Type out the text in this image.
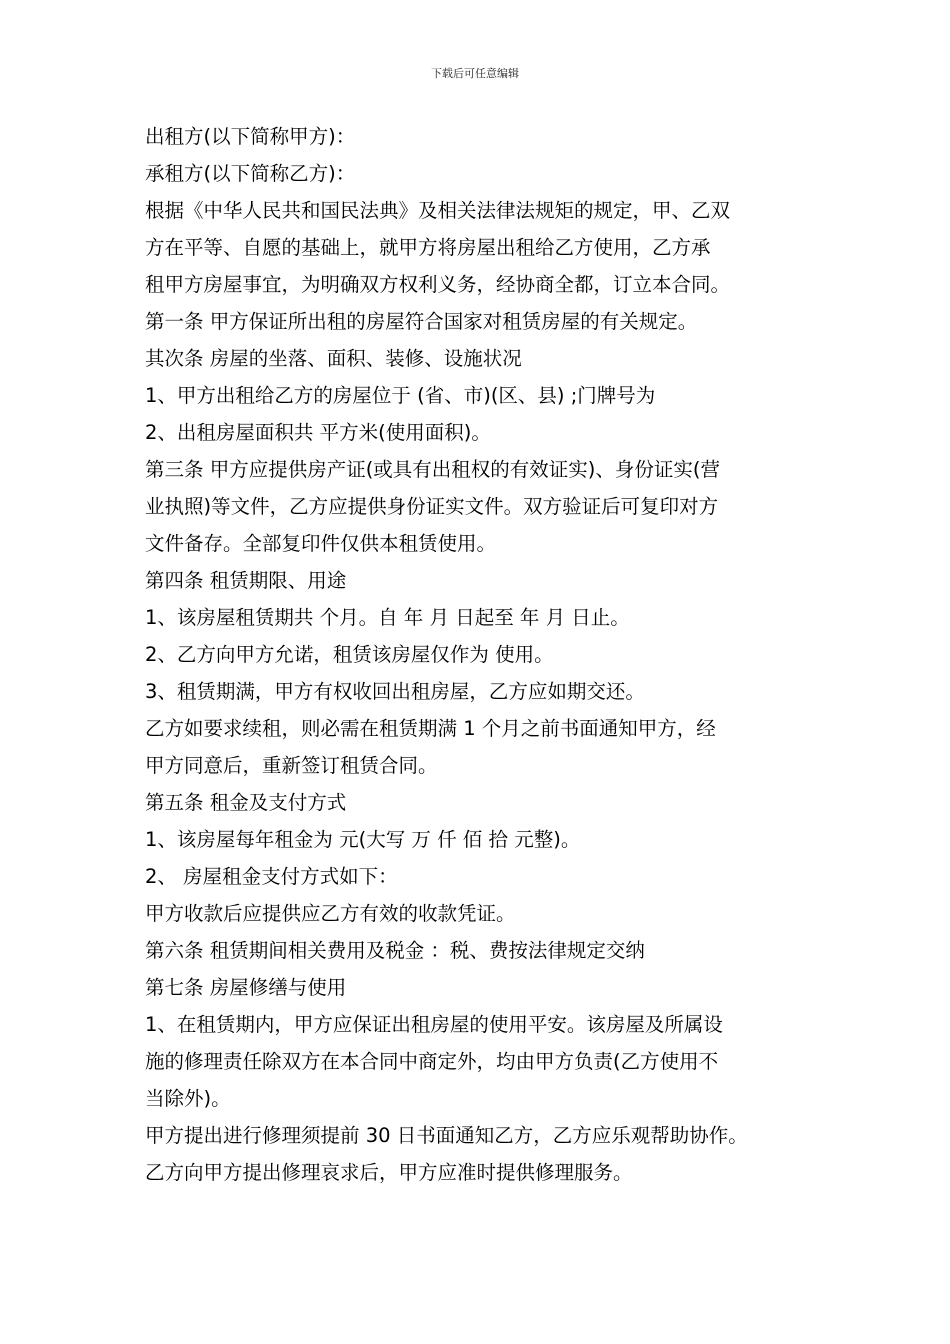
下载后可任意编辑

出租方(以下简称甲方)：

承租方(以下简称乙方)：

根据《中华人民共和国民法典》及相关法律法规矩的规定，甲、乙双

方在平等、自愿的基础上，就甲方将房屋出租给乙方使用，乙方承

租甲方房屋事宜，为明确双方权利义务，经协商全都，订立本合同。

第一条 甲方保证所出租的房屋符合国家对租赁房屋的有关规定。

其次条 房屋的坐落、面积、装修、设施状况

1、甲方出租给乙方的房屋位于 (省、市)(区、县) ;门牌号为

2、出租房屋面积共 平方米(使用面积)。

第三条 甲方应提供房产证(或具有出租权的有效证实)、身份证实(营

业执照)等文件，乙方应提供身份证实文件。双方验证后可复印对方

文件备存。全部复印件仅供本租赁使用。

第四条 租赁期限、用途

1、该房屋租赁期共 个月。自 年 月 日起至 年 月 日止。

2、乙方向甲方允诺，租赁该房屋仅作为 使用。

3、租赁期满，甲方有权收回出租房屋，乙方应如期交还。

乙方如要求续租，则必需在租赁期满 1 个月之前书面通知甲方，经

甲方同意后，重新签订租赁合同。

第五条 租金及支付方式

1、该房屋每年租金为 元(大写 万 仟 佰 拾 元整)。

2、 房屋租金支付方式如下：

甲方收款后应提供应乙方有效的收款凭证。

第六条 租赁期间相关费用及税金 ：税、费按法律规定交纳

第七条 房屋修缮与使用

1、在租赁期内，甲方应保证出租房屋的使用平安。该房屋及所属设

施的修理责任除双方在本合同中商定外，均由甲方负责(乙方使用不

当除外)。

甲方提出进行修理须提前 30 日书面通知乙方，乙方应乐观帮助协作。

乙方向甲方提出修理哀求后，甲方应准时提供修理服务。
